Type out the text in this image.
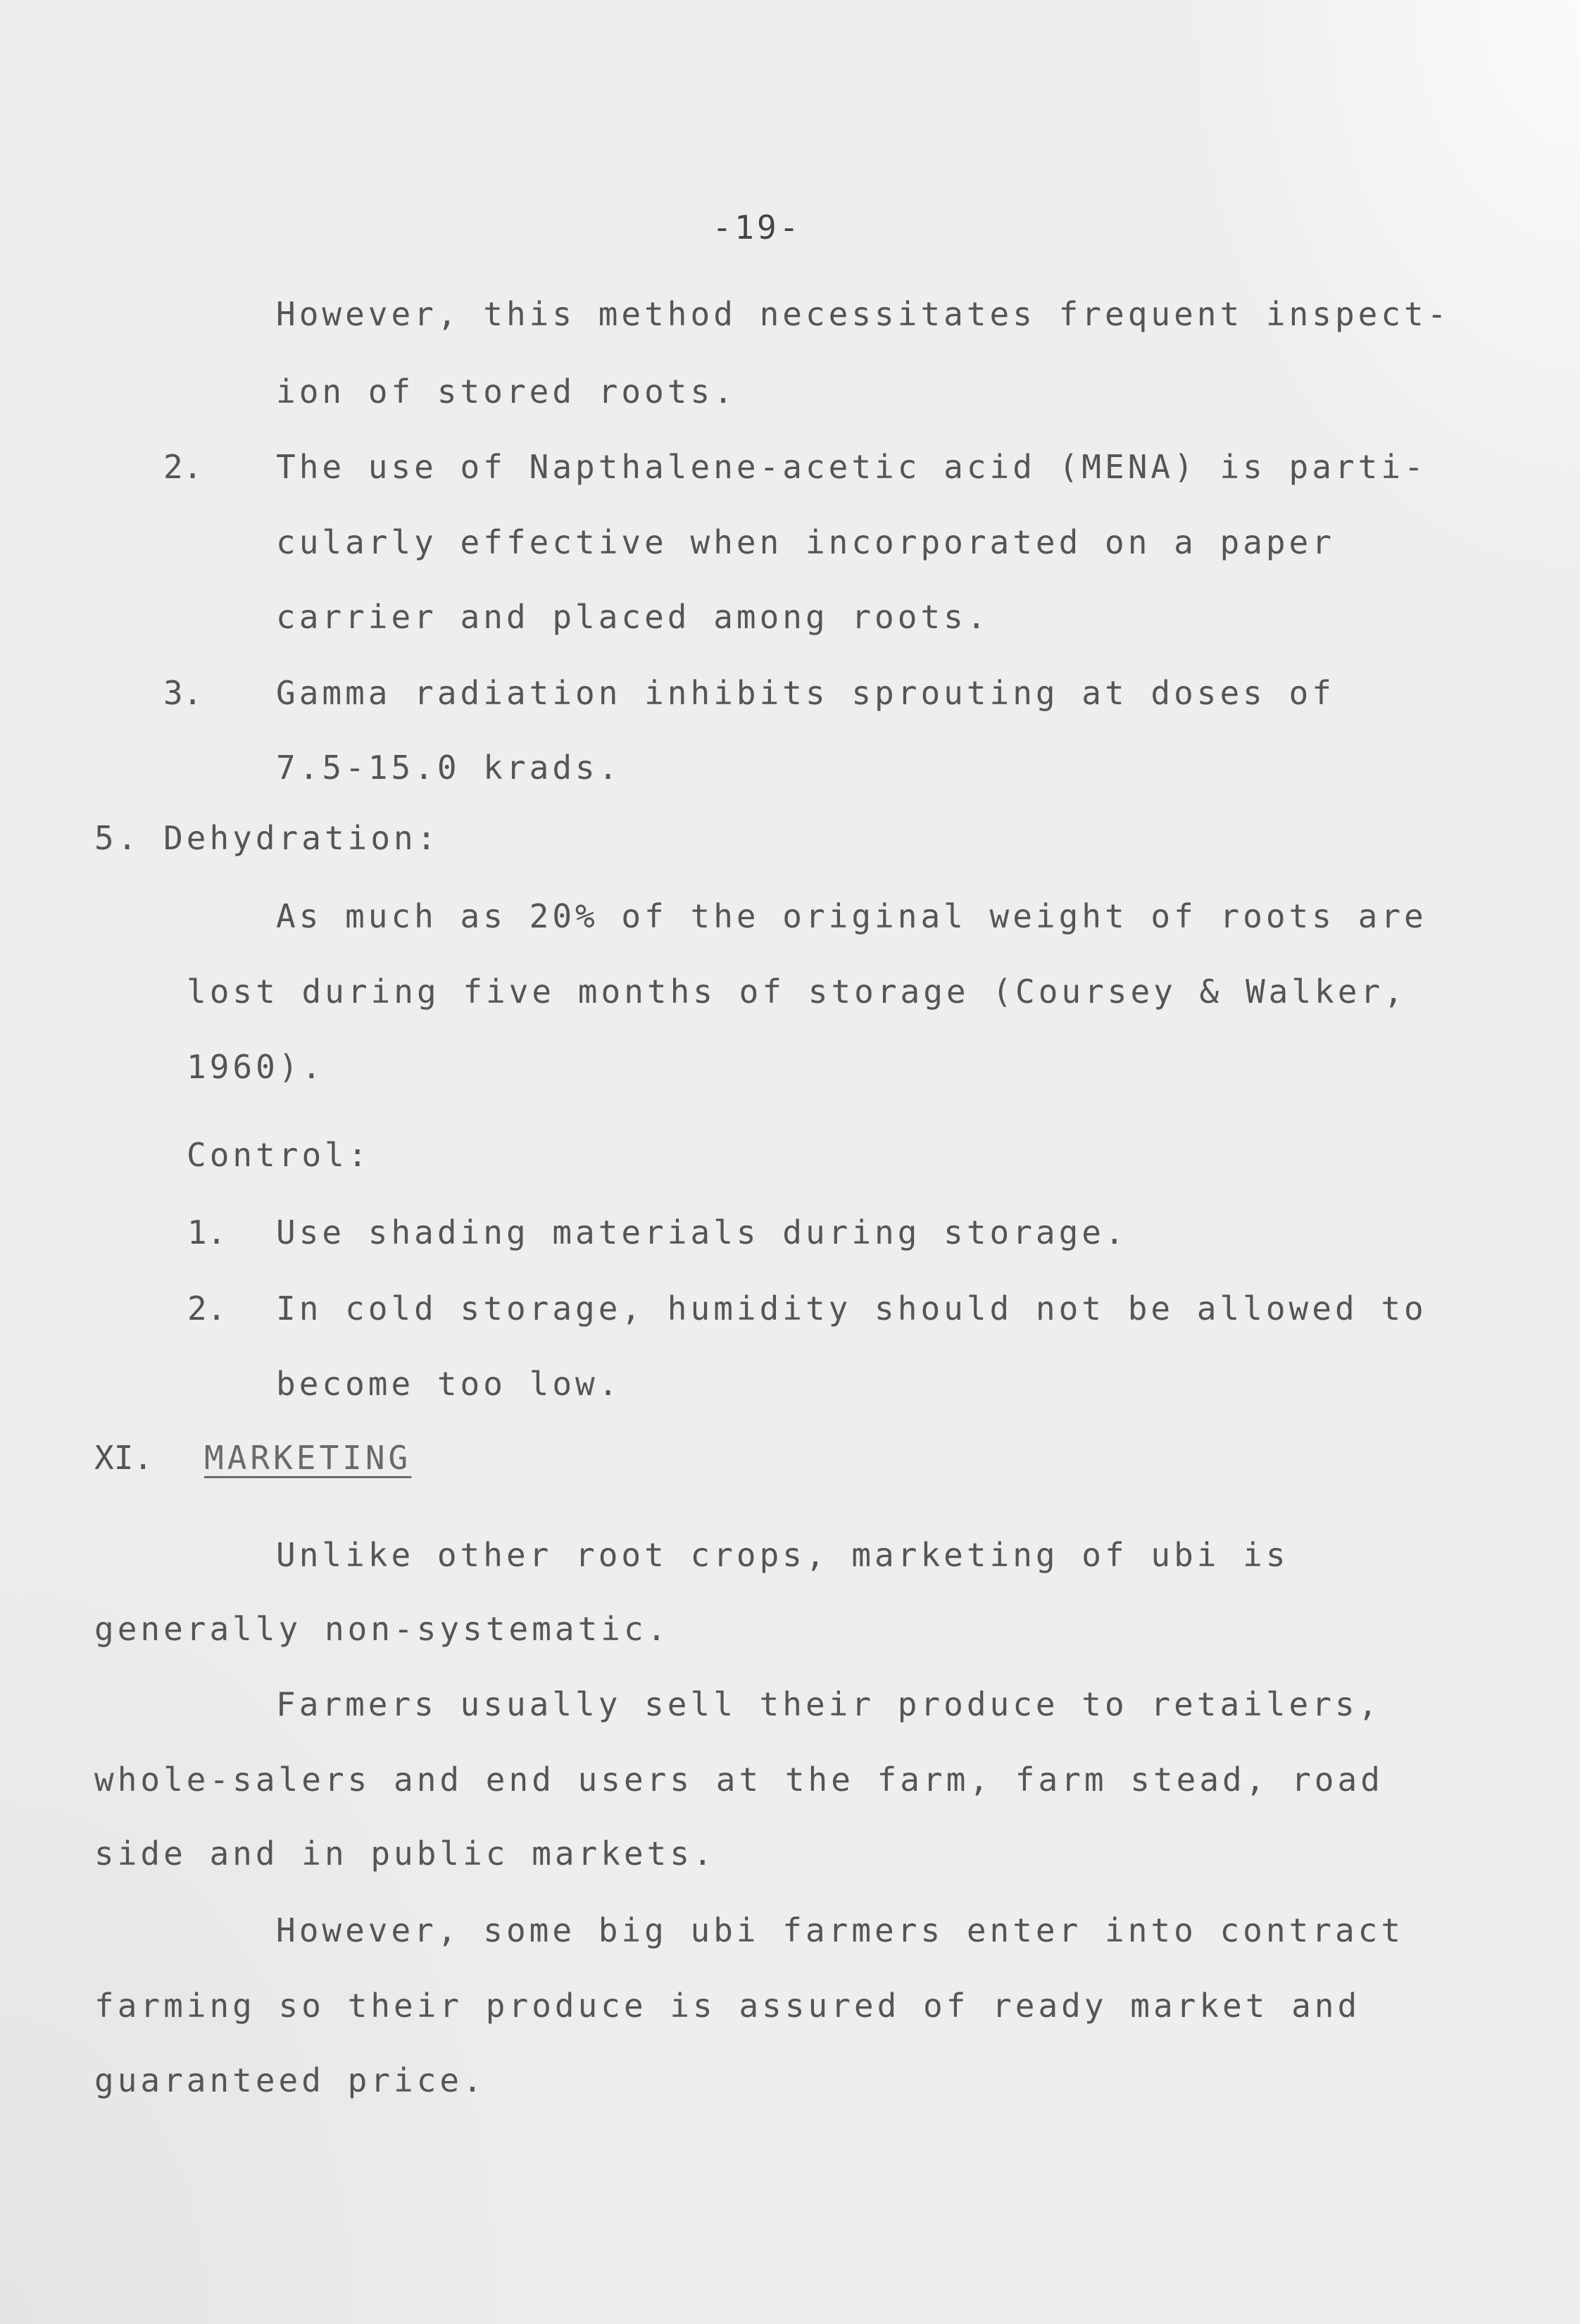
-19-
However, this method necessitates frequent inspect-
ion of stored roots.
2. The use of Napthalene-acetic acid (MENA) is parti-
cularly effective when incorporated on a paper
carrier and placed among roots.
3. Gamma radiation inhibits sprouting at doses of
7.5-15.0 krads.
5. Dehydration:
As much as 20% of the original weight of roots are
lost during five months of storage (Coursey & Walker,
1960).
Control:
1. Use shading materials during storage.
2. In cold storage, humidity should not be allowed to
become too low.
XI. MARKETING
Unlike other root crops, marketing of ubi is
generally non-systematic.
Farmers usually sell their produce to retailers,
whole-salers and end users at the farm, farm stead, road
side and in public markets.
However, some big ubi farmers enter into contract
farming so their produce is assured of ready market and
guaranteed price.
